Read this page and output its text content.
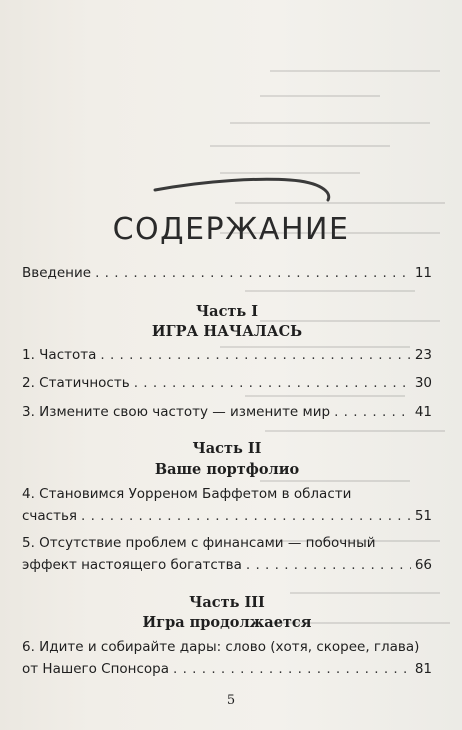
СОДЕРЖАНИЕ
Введение . . .	11
Часть I
ИГРА НАЧАЛАСЬ
1. Частота . . .	23
2. Статичность . . .	30
3. Измените свою частоту — измените мир . . .	41
Часть II
Ваше портфолио
4. Становимся Уорреном Баффетом в области
счастья . . .	51
5. Отсутствие проблем с финансами — побочный
эффект настоящего богатства . . .	66
Часть III
Игра продолжается
6. Идите и собирайте дары: слово (хотя, скорее, глава)
от Нашего Спонсора . . .	81
5
